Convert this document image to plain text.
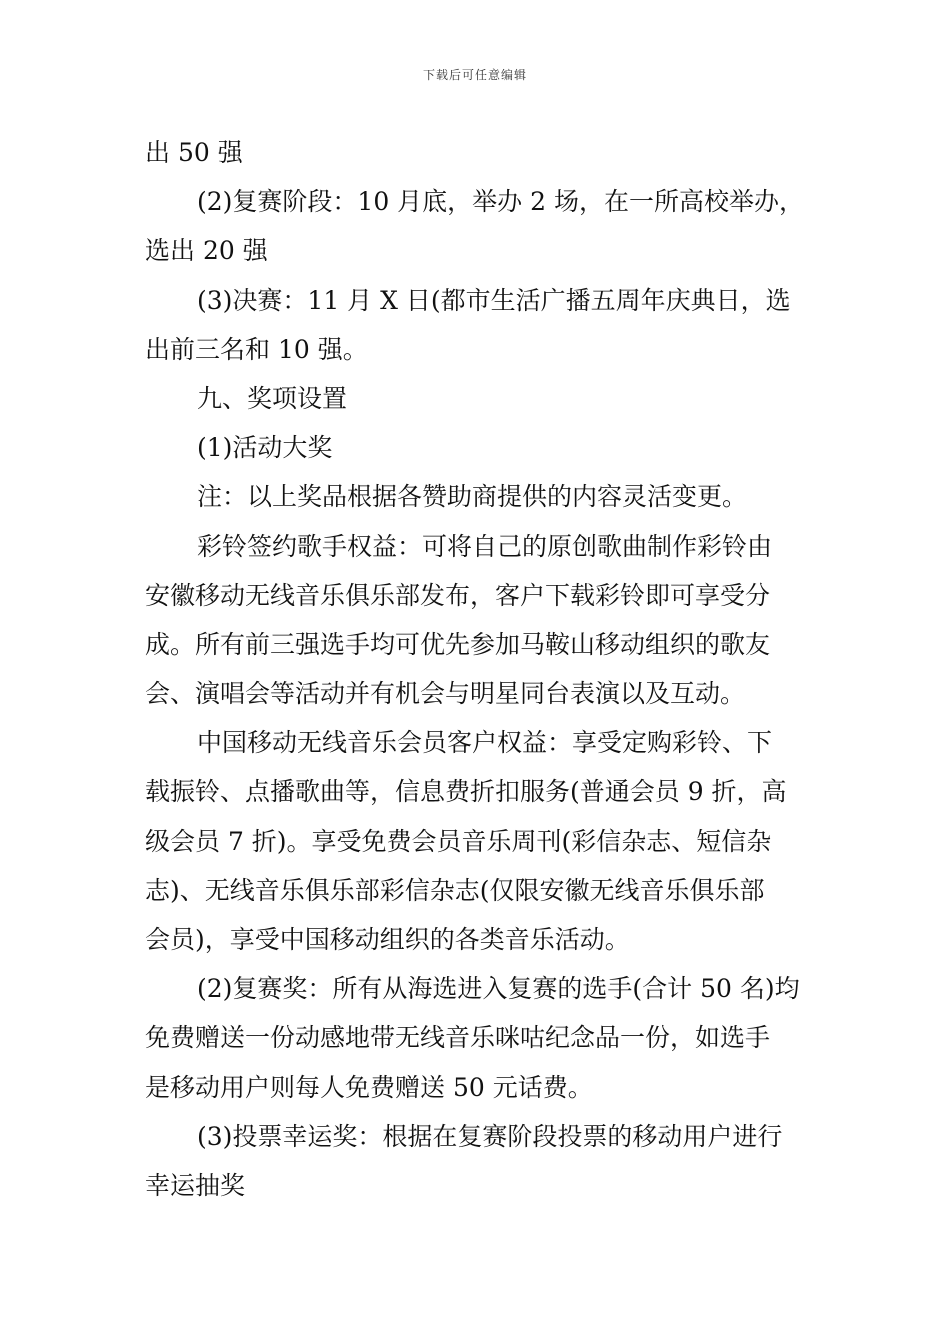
下载后可任意编辑
出 50 强
(2)复赛阶段：10 月底，举办 2 场，在一所高校举办，
选出 20 强
(3)决赛：11 月 X 日(都市生活广播五周年庆典日，选
出前三名和 10 强。
九、奖项设置
(1)活动大奖
注：以上奖品根据各赞助商提供的内容灵活变更。
彩铃签约歌手权益：可将自己的原创歌曲制作彩铃由
安徽移动无线音乐俱乐部发布，客户下载彩铃即可享受分
成。所有前三强选手均可优先参加马鞍山移动组织的歌友
会、演唱会等活动并有机会与明星同台表演以及互动。
中国移动无线音乐会员客户权益：享受定购彩铃、下
载振铃、点播歌曲等，信息费折扣服务(普通会员 9 折，高
级会员 7 折)。享受免费会员音乐周刊(彩信杂志、短信杂
志)、无线音乐俱乐部彩信杂志(仅限安徽无线音乐俱乐部
会员)，享受中国移动组织的各类音乐活动。
(2)复赛奖：所有从海选进入复赛的选手(合计 50 名)均
免费赠送一份动感地带无线音乐咪咕纪念品一份，如选手
是移动用户则每人免费赠送 50 元话费。
(3)投票幸运奖：根据在复赛阶段投票的移动用户进行
幸运抽奖
